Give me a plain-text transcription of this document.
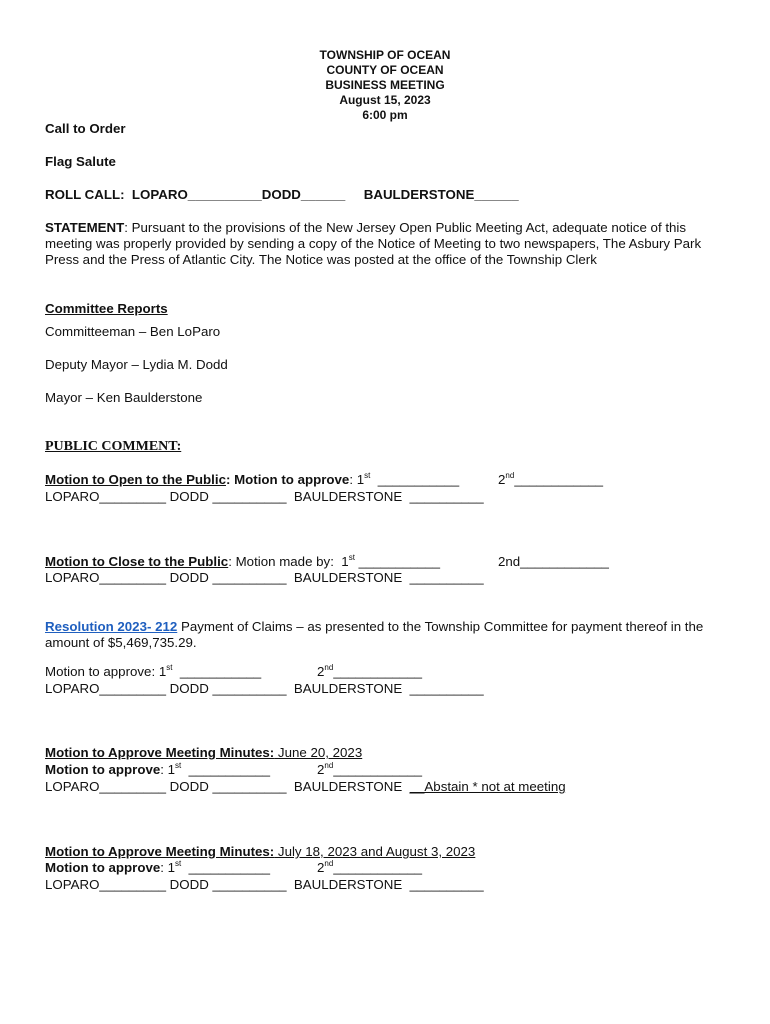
TOWNSHIP OF OCEAN
COUNTY OF OCEAN
BUSINESS MEETING
August 15, 2023
6:00 pm
Call to Order
Flag Salute
ROLL CALL:  LOPARO__________DODD______     BAULDERSTONE______
STATEMENT: Pursuant to the provisions of the New Jersey Open Public Meeting Act, adequate notice of this meeting was properly provided by sending a copy of the Notice of Meeting to two newspapers, The Asbury Park Press and the Press of Atlantic City. The Notice was posted at the office of the Township Clerk
Committee Reports
Committeeman – Ben LoParo
Deputy Mayor – Lydia M. Dodd
Mayor – Ken Baulderstone
PUBLIC COMMENT:
Motion to Open to the Public: Motion to approve: 1st  ___________	2nd____________
LOPARO_________ DODD __________  BAULDERSTONE  __________
Motion to Close to the Public: Motion made by:  1st ___________	2nd____________
LOPARO_________ DODD __________  BAULDERSTONE  __________
Resolution 2023- 212 Payment of Claims – as presented to the Township Committee for payment thereof in the amount of $5,469,735.29.
Motion to approve: 1st  ___________	2nd____________
LOPARO_________ DODD __________  BAULDERSTONE  __________
Motion to Approve Meeting Minutes: June 20, 2023
Motion to approve: 1st  ___________	2nd____________
LOPARO_________ DODD __________  BAULDERSTONE  __Abstain * not at meeting
Motion to Approve Meeting Minutes: July 18, 2023 and August 3, 2023
Motion to approve: 1st  ___________	2nd____________
LOPARO_________ DODD __________  BAULDERSTONE  __________
